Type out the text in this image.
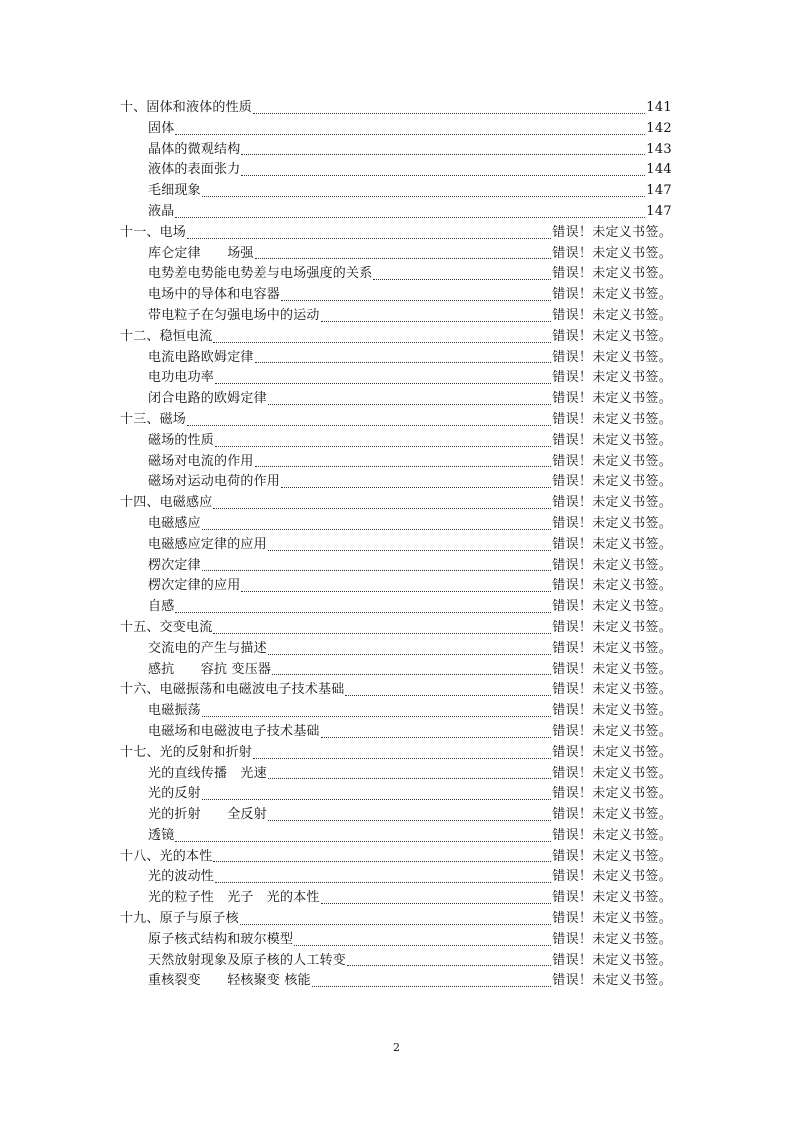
十、固体和液体的性质	141
固体	142
晶体的微观结构	143
液体的表面张力	144
毛细现象	147
液晶	147
十一、电场	错误！未定义书签。
库仑定律　　场强	错误！未定义书签。
电势差电势能电势差与电场强度的关系	错误！未定义书签。
电场中的导体和电容器	错误！未定义书签。
带电粒子在匀强电场中的运动	错误！未定义书签。
十二、稳恒电流	错误！未定义书签。
电流电路欧姆定律	错误！未定义书签。
电功电功率	错误！未定义书签。
闭合电路的欧姆定律	错误！未定义书签。
十三、磁场	错误！未定义书签。
磁场的性质	错误！未定义书签。
磁场对电流的作用	错误！未定义书签。
磁场对运动电荷的作用	错误！未定义书签。
十四、电磁感应	错误！未定义书签。
电磁感应	错误！未定义书签。
电磁感应定律的应用	错误！未定义书签。
楞次定律	错误！未定义书签。
楞次定律的应用	错误！未定义书签。
自感	错误！未定义书签。
十五、交变电流	错误！未定义书签。
交流电的产生与描述	错误！未定义书签。
感抗　　容抗 变压器	错误！未定义书签。
十六、电磁振荡和电磁波电子技术基础	错误！未定义书签。
电磁振荡	错误！未定义书签。
电磁场和电磁波电子技术基础	错误！未定义书签。
十七、光的反射和折射	错误！未定义书签。
光的直线传播　光速	错误！未定义书签。
光的反射	错误！未定义书签。
光的折射　　全反射	错误！未定义书签。
透镜	错误！未定义书签。
十八、光的本性	错误！未定义书签。
光的波动性	错误！未定义书签。
光的粒子性　光子　光的本性	错误！未定义书签。
十九、原子与原子核	错误！未定义书签。
原子核式结构和玻尔模型	错误！未定义书签。
天然放射现象及原子核的人工转变	错误！未定义书签。
重核裂变　　轻核聚变 核能	错误！未定义书签。
2
